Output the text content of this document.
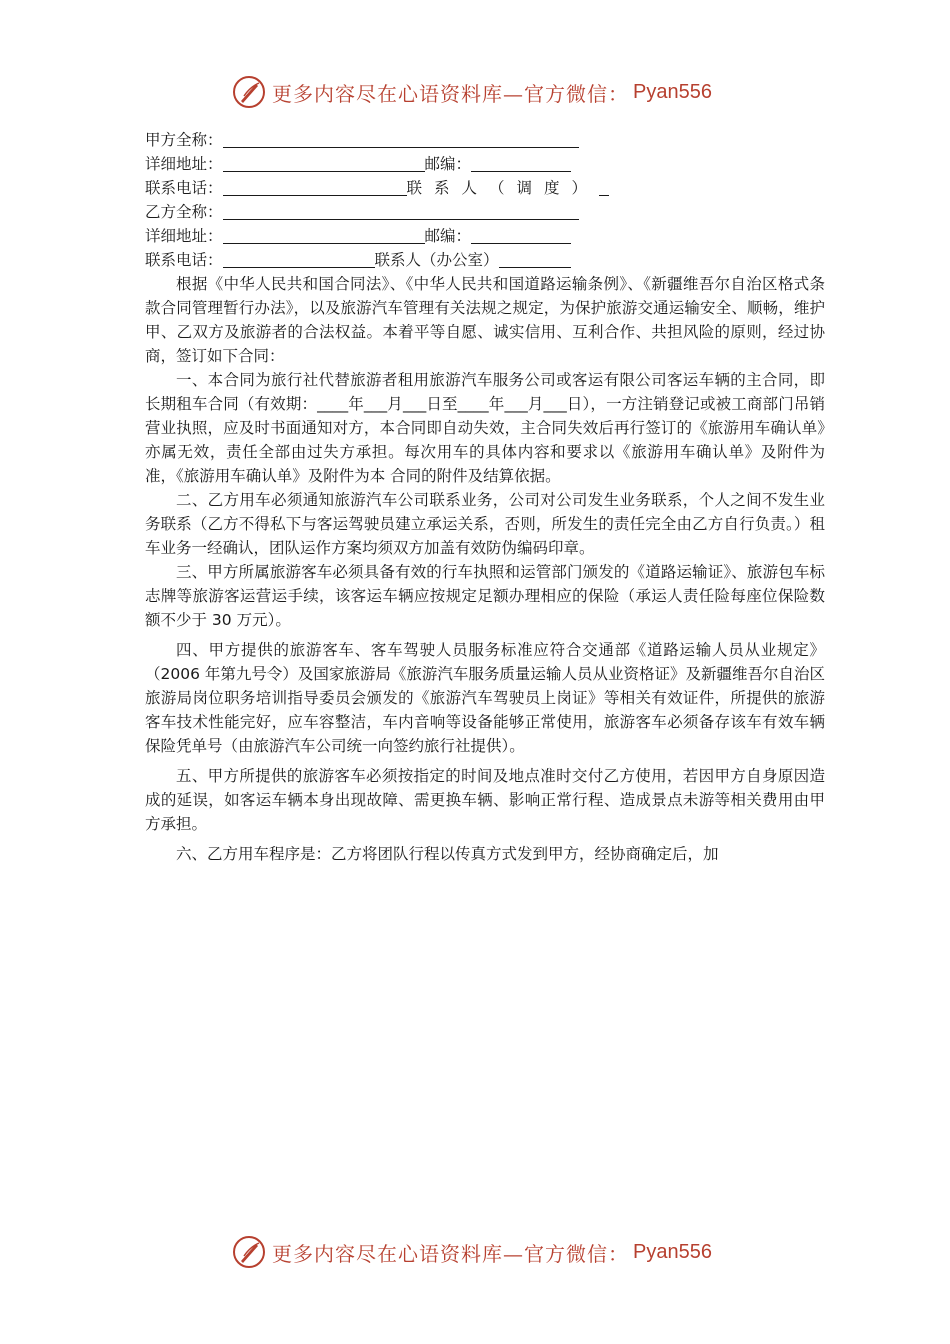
更多内容尽在心语资料库—官方微信： Pyan556
甲方全称：
详细地址：	邮编：
联系电话：	联系人（调度）
乙方全称：
详细地址：	邮编：
联系电话：	联系人（办公室）

根据《中华人民共和国合同法》、《中华人民共和国道路运输条例》、《新疆维吾尔自治区格式条款合同管理暂行办法》，以及旅游汽车管理有关法规之规定，为保护旅游交通运输安全、顺畅，维护甲、乙双方及旅游者的合法权益。本着平等自愿、诚实信用、互利合作、共担风险的原则，经过协商，签订如下合同：

一、本合同为旅行社代替旅游者租用旅游汽车服务公司或客运有限公司客运车辆的主合同，即长期租车合同（有效期：____年___月___日至____年___月___日），一方注销登记或被工商部门吊销营业执照，应及时书面通知对方，本合同即自动失效，主合同失效后再行签订的《旅游用车确认单》亦属无效，责任全部由过失方承担。每次用车的具体内容和要求以《旅游用车确认单》及附件为准，《旅游用车确认单》及附件为本 合同的附件及结算依据。

二、乙方用车必须通知旅游汽车公司联系业务，公司对公司发生业务联系，个人之间不发生业务联系（乙方不得私下与客运驾驶员建立承运关系，否则，所发生的责任完全由乙方自行负责。）租车业务一经确认，团队运作方案均须双方加盖有效防伪编码印章。

三、甲方所属旅游客车必须具备有效的行车执照和运管部门颁发的《道路运输证》、旅游包车标志牌等旅游客运营运手续，该客运车辆应按规定足额办理相应的保险（承运人责任险每座位保险数额不少于 30 万元）。

四、甲方提供的旅游客车、客车驾驶人员服务标准应符合交通部《道路运输人员从业规定》（2006 年第九号令）及国家旅游局《旅游汽车服务质量运输人员从业资格证》及新疆维吾尔自治区旅游局岗位职务培训指导委员会颁发的《旅游汽车驾驶员上岗证》等相关有效证件，所提供的旅游客车技术性能完好，应车容整洁，车内音响等设备能够正常使用，旅游客车必须备存该车有效车辆保险凭单号（由旅游汽车公司统一向签约旅行社提供）。

五、甲方所提供的旅游客车必须按指定的时间及地点准时交付乙方使用，若因甲方自身原因造成的延误，如客运车辆本身出现故障、需更换车辆、影响正常行程、造成景点未游等相关费用由甲方承担。

六、乙方用车程序是：乙方将团队行程以传真方式发到甲方，经协商确定后，加

更多内容尽在心语资料库—官方微信： Pyan556
